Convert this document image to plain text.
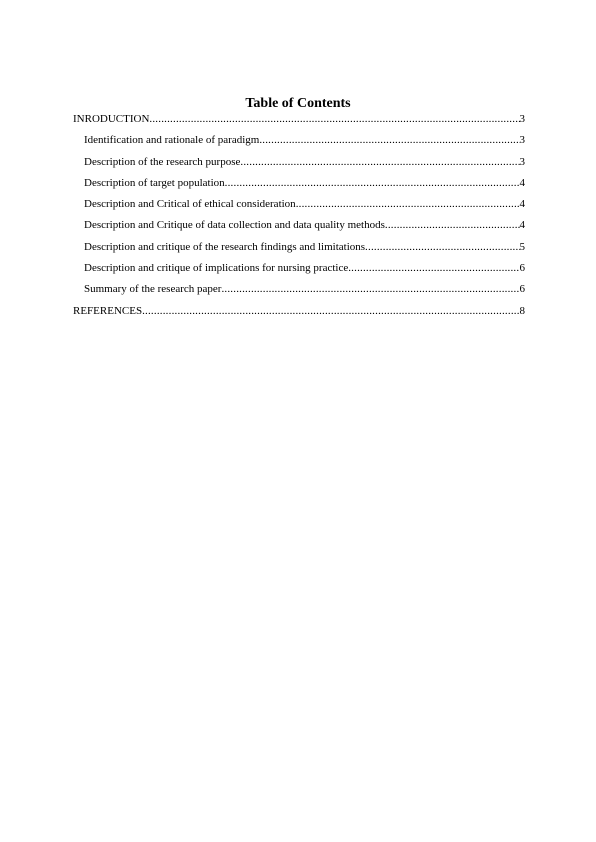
Table of Contents
INRODUCTION .....	3
Identification and rationale of paradigm .....	3
Description of the research purpose .....	3
Description of target population .....	4
Description and Critical of ethical consideration .....	4
Description and Critique of data collection and data quality methods .....	4
Description and critique of the research findings and limitations .....	5
Description and critique of implications for nursing practice .....	6
Summary of the research paper .....	6
REFERENCES .....	8
